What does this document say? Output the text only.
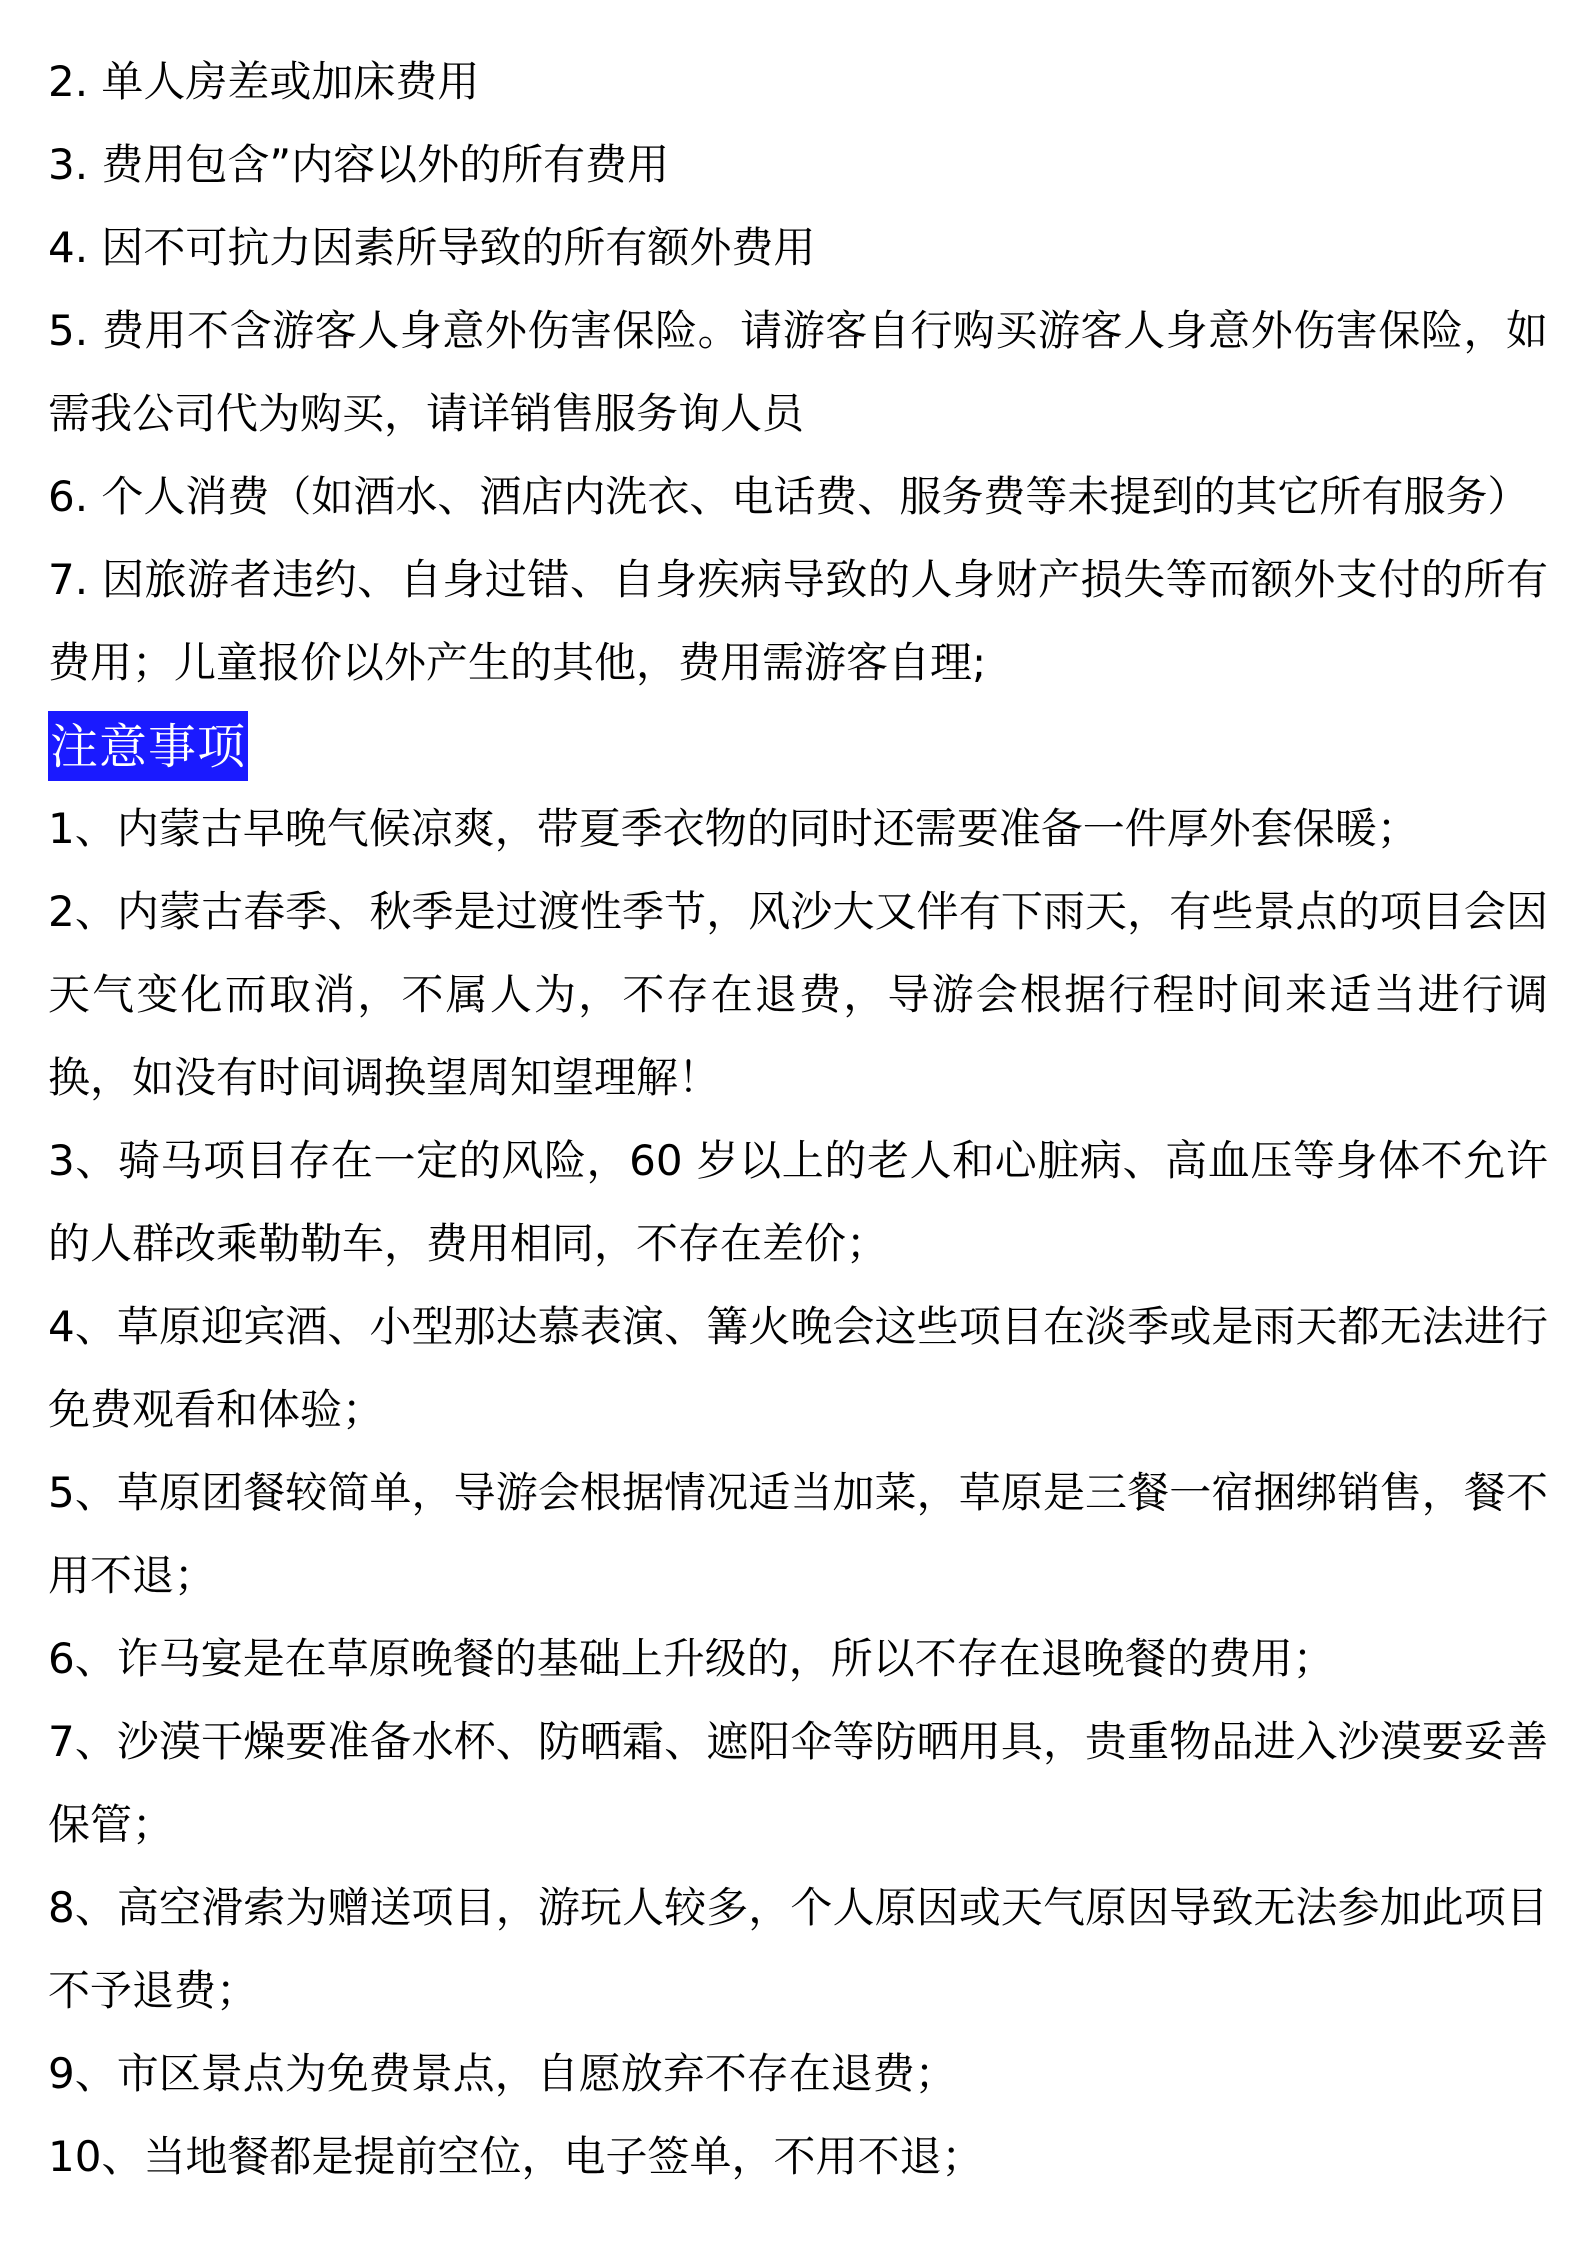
2. 单人房差或加床费用

3. 费用包含”内容以外的所有费用

4. 因不可抗力因素所导致的所有额外费用

5. 费用不含游客人身意外伤害保险。请游客自行购买游客人身意外伤害保险，如需我公司代为购买，请详销售服务询人员

6. 个人消费（如酒水、酒店内洗衣、电话费、服务费等未提到的其它所有服务）

7. 因旅游者违约、自身过错、自身疾病导致的人身财产损失等而额外支付的所有费用；儿童报价以外产生的其他，费用需游客自理;

注意事项

1、内蒙古早晚气候凉爽，带夏季衣物的同时还需要准备一件厚外套保暖；

2、内蒙古春季、秋季是过渡性季节，风沙大又伴有下雨天，有些景点的项目会因天气变化而取消，不属人为，不存在退费，导游会根据行程时间来适当进行调换，如没有时间调换望周知望理解！

3、骑马项目存在一定的风险，60 岁以上的老人和心脏病、高血压等身体不允许的人群改乘勒勒车，费用相同，不存在差价；

4、草原迎宾酒、小型那达慕表演、篝火晚会这些项目在淡季或是雨天都无法进行免费观看和体验；

5、草原团餐较简单，导游会根据情况适当加菜，草原是三餐一宿捆绑销售，餐不用不退；

6、诈马宴是在草原晚餐的基础上升级的，所以不存在退晚餐的费用；

7、沙漠干燥要准备水杯、防晒霜、遮阳伞等防晒用具，贵重物品进入沙漠要妥善保管；

8、高空滑索为赠送项目，游玩人较多，个人原因或天气原因导致无法参加此项目不予退费；

9、市区景点为免费景点，自愿放弃不存在退费；

10、当地餐都是提前空位，电子签单，不用不退；
